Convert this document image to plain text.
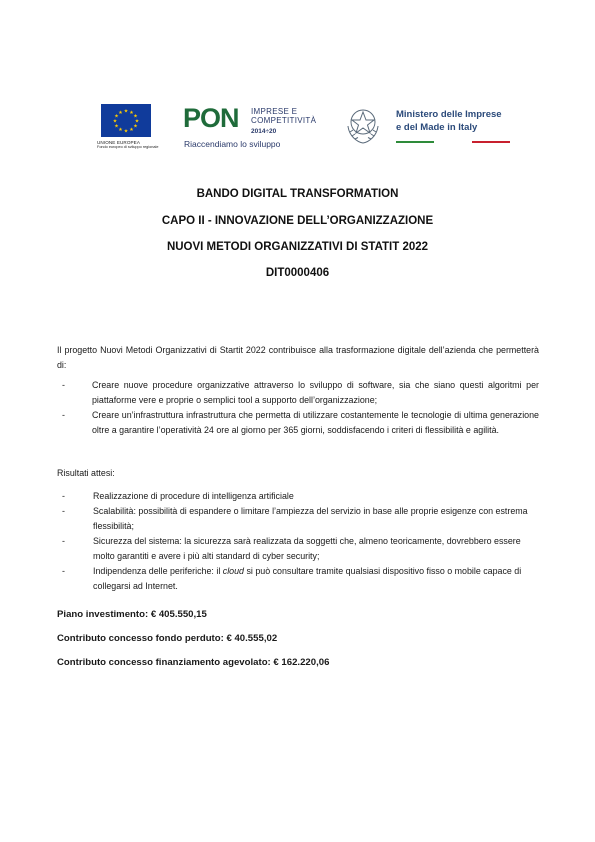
★ ★
★
★
★
★
★
★
★
★
★
★
UNIONE EUROPEA
Fondo europeo di sviluppo regionale
PON IMPRESE E
COMPETITIVITÀ
2014÷20
Riaccendiamo lo sviluppo
Ministero delle Imprese
e del Made in Italy
BANDO DIGITAL TRANSFORMATION
CAPO II - INNOVAZIONE DELL’ORGANIZZAZIONE
NUOVI METODI ORGANIZZATIVI DI STATIT 2022
DIT0000406
Il progetto Nuovi Metodi Organizzativi di Startit 2022 contribuisce alla trasformazione digitale dell’azienda che permetterà di:
-	Creare nuove procedure organizzative attraverso lo sviluppo di software, sia che siano questi algoritmi per piattaforme vere e proprie o semplici tool a supporto dell’organizzazione;
-	Creare un’infrastruttura infrastruttura che permetta di utilizzare costantemente le tecnologie di ultima generazione oltre a garantire l’operatività 24 ore al giorno per 365 giorni, soddisfacendo i criteri di flessibilità e agilità.
Risultati attesi:
-	Realizzazione di procedure di intelligenza artificiale
-	Scalabilità: possibilità di espandere o limitare l’ampiezza del servizio in base alle proprie esigenze con estrema flessibilità;
-	Sicurezza del sistema: la sicurezza sarà realizzata da soggetti che, almeno teoricamente, dovrebbero essere molto garantiti e avere i più alti standard di cyber security;
-	Indipendenza delle periferiche: il cloud si può consultare tramite qualsiasi dispositivo fisso o mobile capace di collegarsi ad Internet.
Piano investimento: € 405.550,15
Contributo concesso fondo perduto: € 40.555,02
Contributo concesso finanziamento agevolato: € 162.220,06
